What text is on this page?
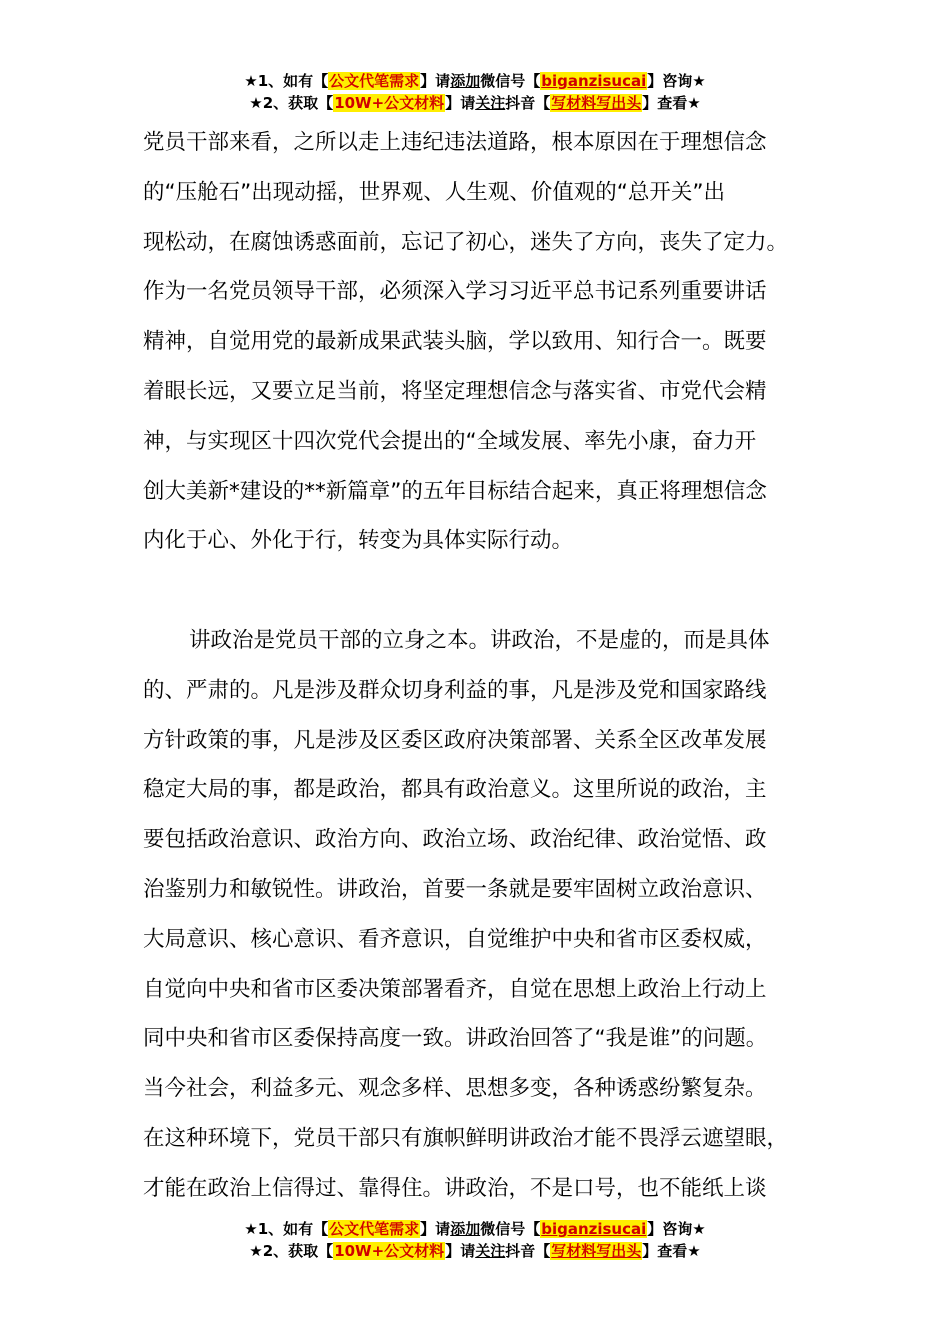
★1、如有【公文代笔需求】请添加微信号【biganzisucai】咨询★
★2、获取【10W+公文材料】请关注抖音【写材料写出头】查看★
党员干部来看，之所以走上违纪违法道路，根本原因在于理想信念
的“压舱石”出现动摇，世界观、人生观、价值观的“总开关”出
现松动，在腐蚀诱惑面前，忘记了初心，迷失了方向，丧失了定力。
作为一名党员领导干部，必须深入学习习近平总书记系列重要讲话
精神，自觉用党的最新成果武装头脑，学以致用、知行合一。既要
着眼长远，又要立足当前，将坚定理想信念与落实省、市党代会精
神，与实现区十四次党代会提出的“全域发展、率先小康，奋力开
创大美新*建设的**新篇章”的五年目标结合起来，真正将理想信念
内化于心、外化于行，转变为具体实际行动。
讲政治是党员干部的立身之本。讲政治，不是虚的，而是具体
的、严肃的。凡是涉及群众切身利益的事，凡是涉及党和国家路线
方针政策的事，凡是涉及区委区政府决策部署、关系全区改革发展
稳定大局的事，都是政治，都具有政治意义。这里所说的政治，主
要包括政治意识、政治方向、政治立场、政治纪律、政治觉悟、政
治鉴别力和敏锐性。讲政治，首要一条就是要牢固树立政治意识、
大局意识、核心意识、看齐意识，自觉维护中央和省市区委权威，
自觉向中央和省市区委决策部署看齐，自觉在思想上政治上行动上
同中央和省市区委保持高度一致。讲政治回答了“我是谁”的问题。
当今社会，利益多元、观念多样、思想多变，各种诱惑纷繁复杂。
在这种环境下，党员干部只有旗帜鲜明讲政治才能不畏浮云遮望眼，
才能在政治上信得过、靠得住。讲政治，不是口号，也不能纸上谈
★1、如有【公文代笔需求】请添加微信号【biganzisucai】咨询★
★2、获取【10W+公文材料】请关注抖音【写材料写出头】查看★
